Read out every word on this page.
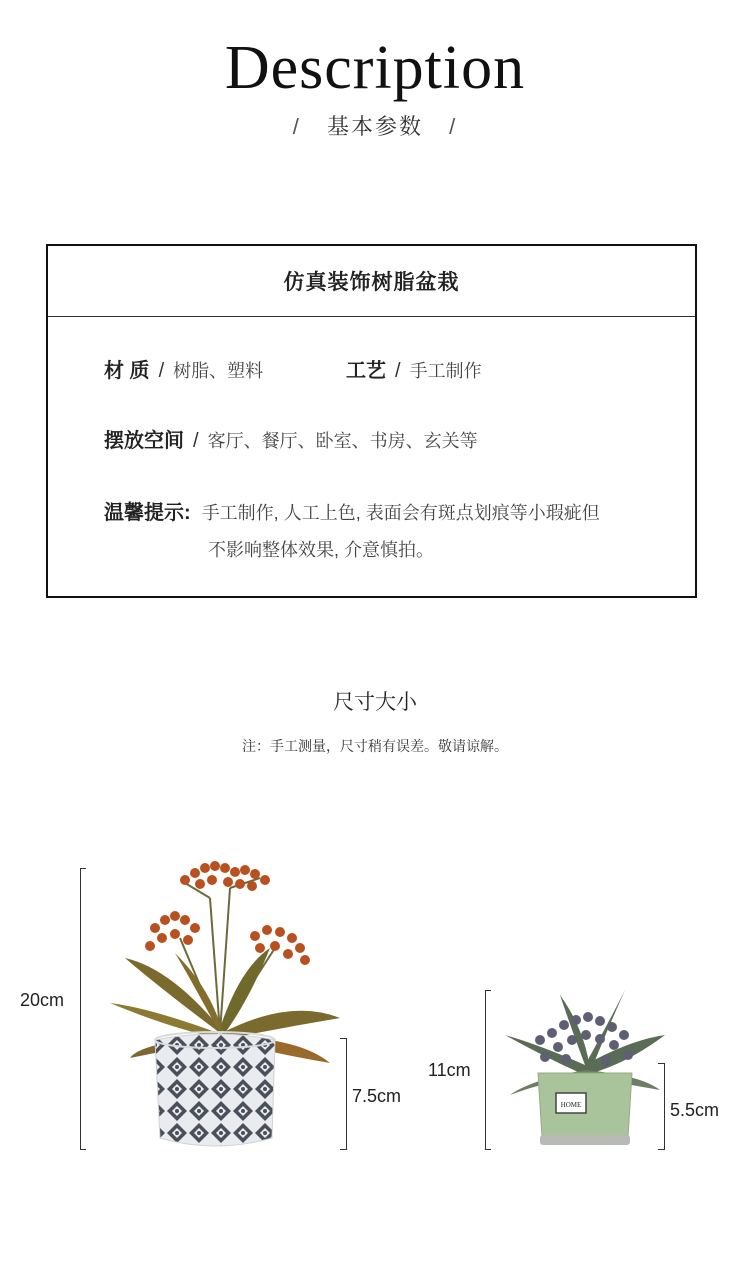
Description
/ 基本参数 /
仿真装饰树脂盆栽
材 质 / 树脂、塑料	工艺 / 手工制作
摆放空间 / 客厅、餐厅、卧室、书房、玄关等
温馨提示: 手工制作, 人工上色, 表面会有斑点划痕等小瑕疵但
不影响整体效果, 介意慎拍。
尺寸大小
注：手工测量，尺寸稍有误差。敬请谅解。
20cm
7.5cm
11cm
5.5cm
HOME
